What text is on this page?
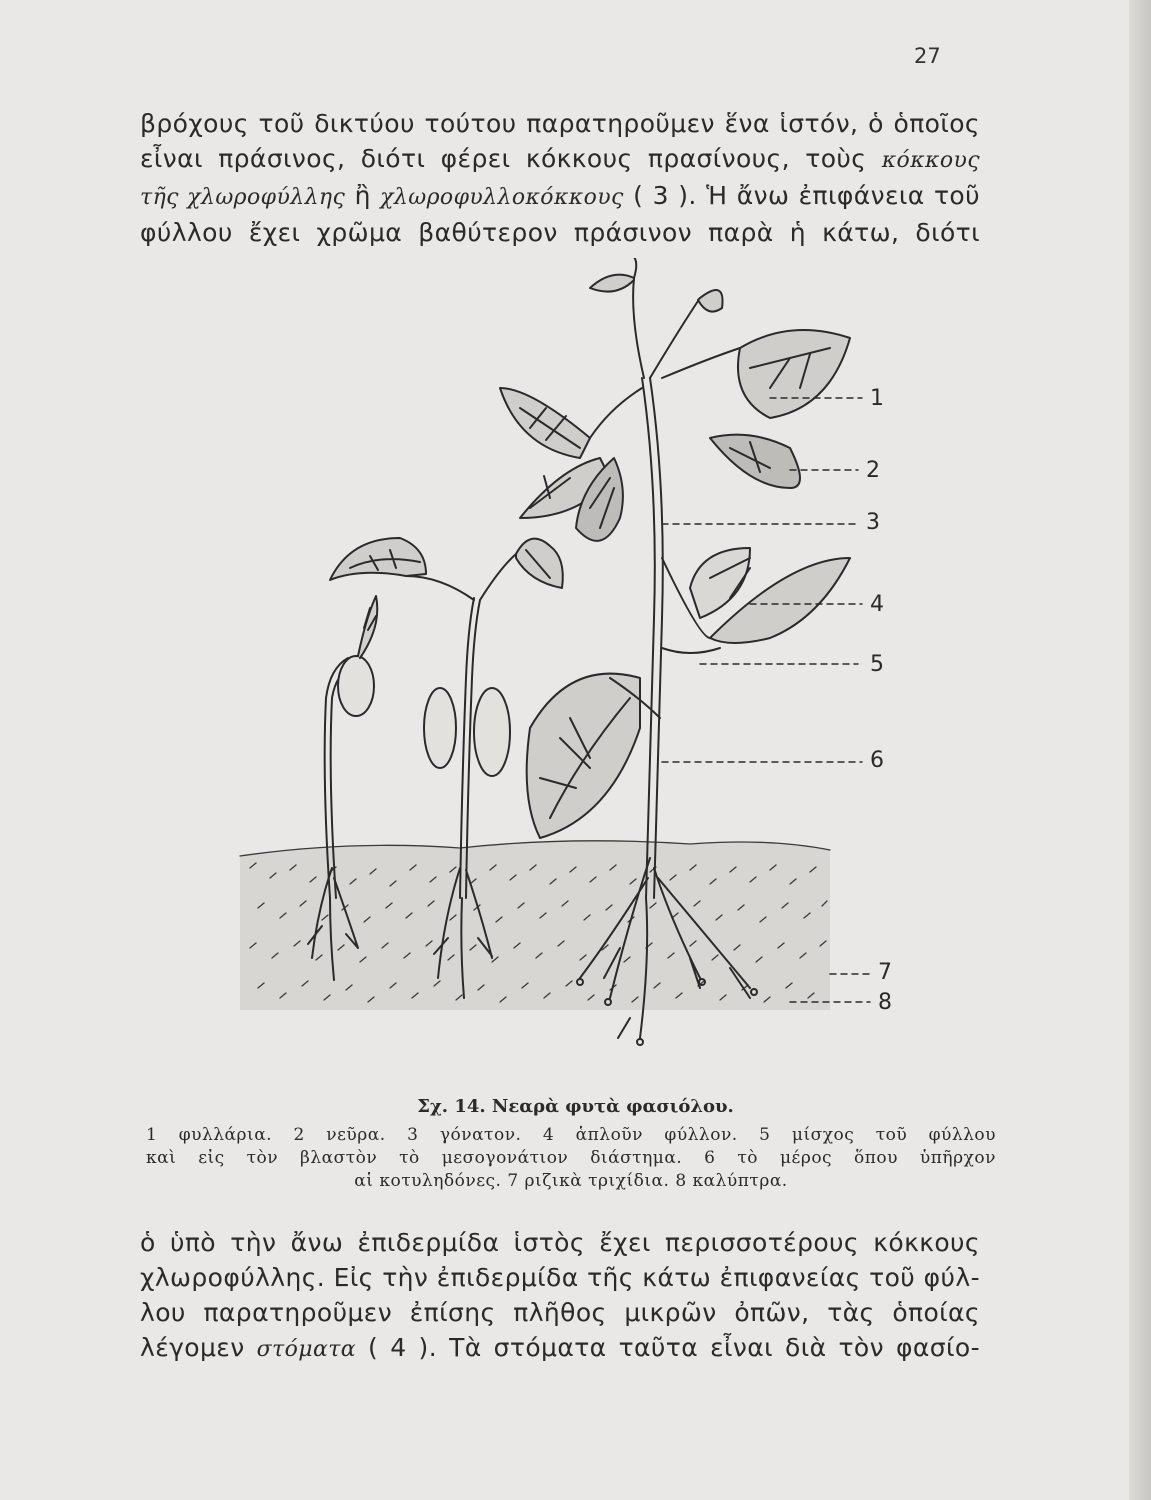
27
βρόχους τοῦ δικτύου τούτου παρατηροῦμεν ἕνα ἱστόν, ὁ ὁποῖος
εἶναι πράσινος, διότι φέρει κόκκους πρασίνους, τοὺς κόκκους
τῆς χλωροφύλλης ἢ χλωροφυλλοκόκκους ( 3 ). Ἡ ἄνω ἐπιφάνεια τοῦ
φύλλου ἔχει χρῶμα βαθύτερον πράσινον παρὰ ἡ κάτω, διότι
1
2
3
4
5
6
7
8
Σχ. 14. Νεαρὰ φυτὰ φασιόλου.
1 φυλλάρια. 2 νεῦρα. 3 γόνατον. 4 ἁπλοῦν φύλλον. 5 μίσχος τοῦ φύλλου
καὶ εἰς τὸν βλαστὸν τὸ μεσογονάτιον διάστημα. 6 τὸ μέρος ὅπου ὑπῆρχον
αἱ κοτυληδόνες. 7 ριζικὰ τριχίδια. 8 καλύπτρα.
ὁ ὑπὸ τὴν ἄνω ἐπιδερμίδα ἱστὸς ἔχει περισσοτέρους κόκκους
χλωροφύλλης. Εἰς τὴν ἐπιδερμίδα τῆς κάτω ἐπιφανείας τοῦ φύλ-
λου παρατηροῦμεν ἐπίσης πλῆθος μικρῶν ὀπῶν, τὰς ὁποίας
λέγομεν στόματα ( 4 ). Τὰ στόματα ταῦτα εἶναι διὰ τὸν φασίο-
